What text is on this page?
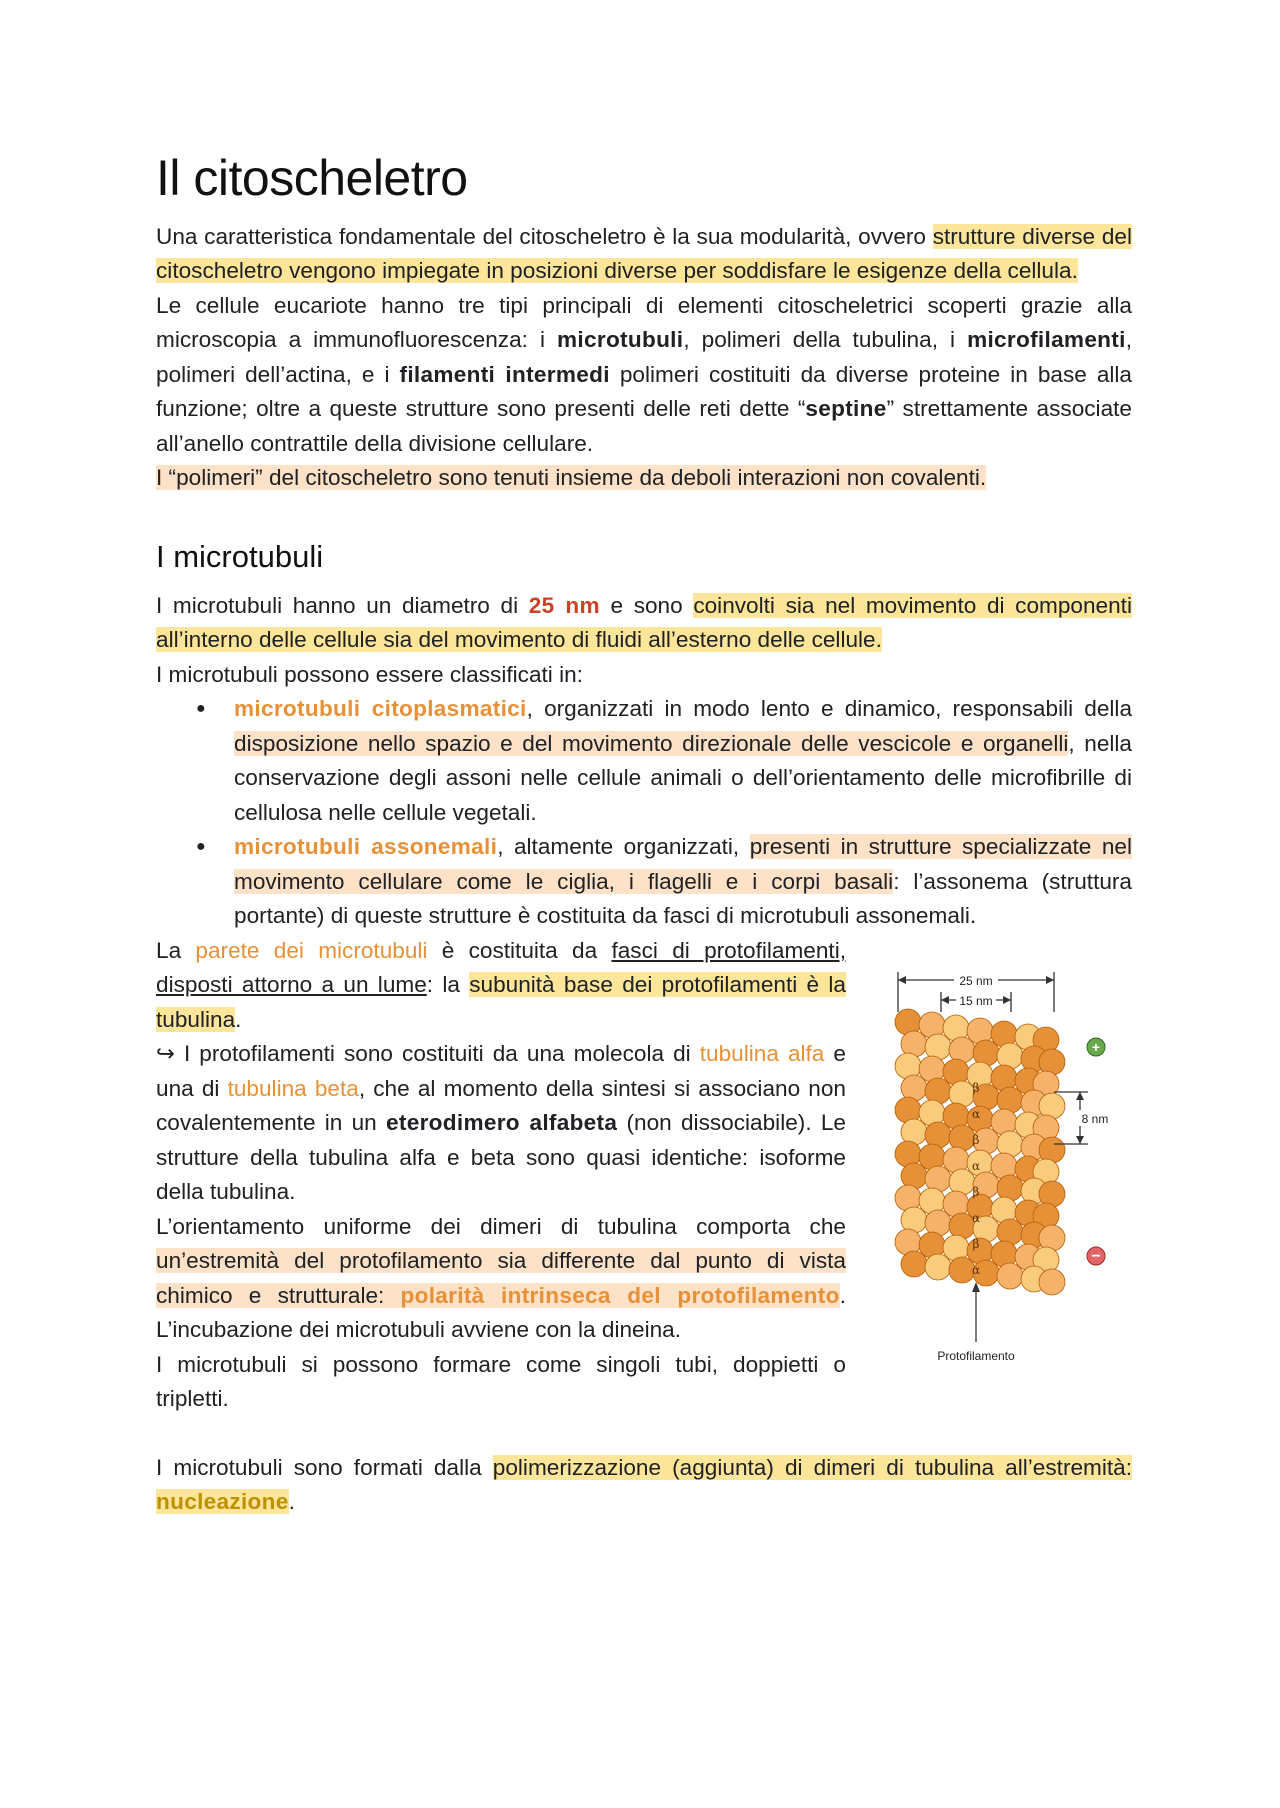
Il citoscheletro

Una caratteristica fondamentale del citoscheletro è la sua modularità, ovvero strutture diverse del citoscheletro vengono impiegate in posizioni diverse per soddisfare le esigenze della cellula.

Le cellule eucariote hanno tre tipi principali di elementi citoscheletrici scoperti grazie alla microscopia a immunofluorescenza: i microtubuli, polimeri della tubulina, i microfilamenti, polimeri dell’actina, e i filamenti intermedi polimeri costituiti da diverse proteine in base alla funzione; oltre a queste strutture sono presenti delle reti dette “septine” strettamente associate all’anello contrattile della divisione cellulare.

I “polimeri” del citoscheletro sono tenuti insieme da deboli interazioni non covalenti.

I microtubuli

I microtubuli hanno un diametro di 25 nm e sono coinvolti sia nel movimento di componenti all’interno delle cellule sia del movimento di fluidi all’esterno delle cellule.

I microtubuli possono essere classificati in:

● microtubuli citoplasmatici, organizzati in modo lento e dinamico, responsabili della disposizione nello spazio e del movimento direzionale delle vescicole e organelli, nella conservazione degli assoni nelle cellule animali o dell’orientamento delle microfibrille di cellulosa nelle cellule vegetali.
● microtubuli assonemali, altamente organizzati, presenti in strutture specializzate nel movimento cellulare come le ciglia, i flagelli e i corpi basali: l’assonema (struttura portante) di queste strutture è costituita da fasci di microtubuli assonemali.

La parete dei microtubuli è costituita da fasci di protofilamenti, disposti attorno a un lume: la subunità base dei protofilamenti è la tubulina.

↪ I protofilamenti sono costituiti da una molecola di tubulina alfa e una di tubulina beta, che al momento della sintesi si associano non covalentemente in un eterodimero alfabeta (non dissociabile). Le strutture della tubulina alfa e beta sono quasi identiche: isoforme della tubulina.

L’orientamento uniforme dei dimeri di tubulina comporta che un’estremità del protofilamento sia differente dal punto di vista chimico e strutturale: polarità intrinseca del protofilamento. L’incubazione dei microtubuli avviene con la dineina.

I microtubuli si possono formare come singoli tubi, doppietti o tripletti.

β
α
β
α
β
α
β
α
25 nm
15 nm
8 nm
+
−
Protofilamento

I microtubuli sono formati dalla polimerizzazione (aggiunta) di dimeri di tubulina all’estremità: nucleazione.
